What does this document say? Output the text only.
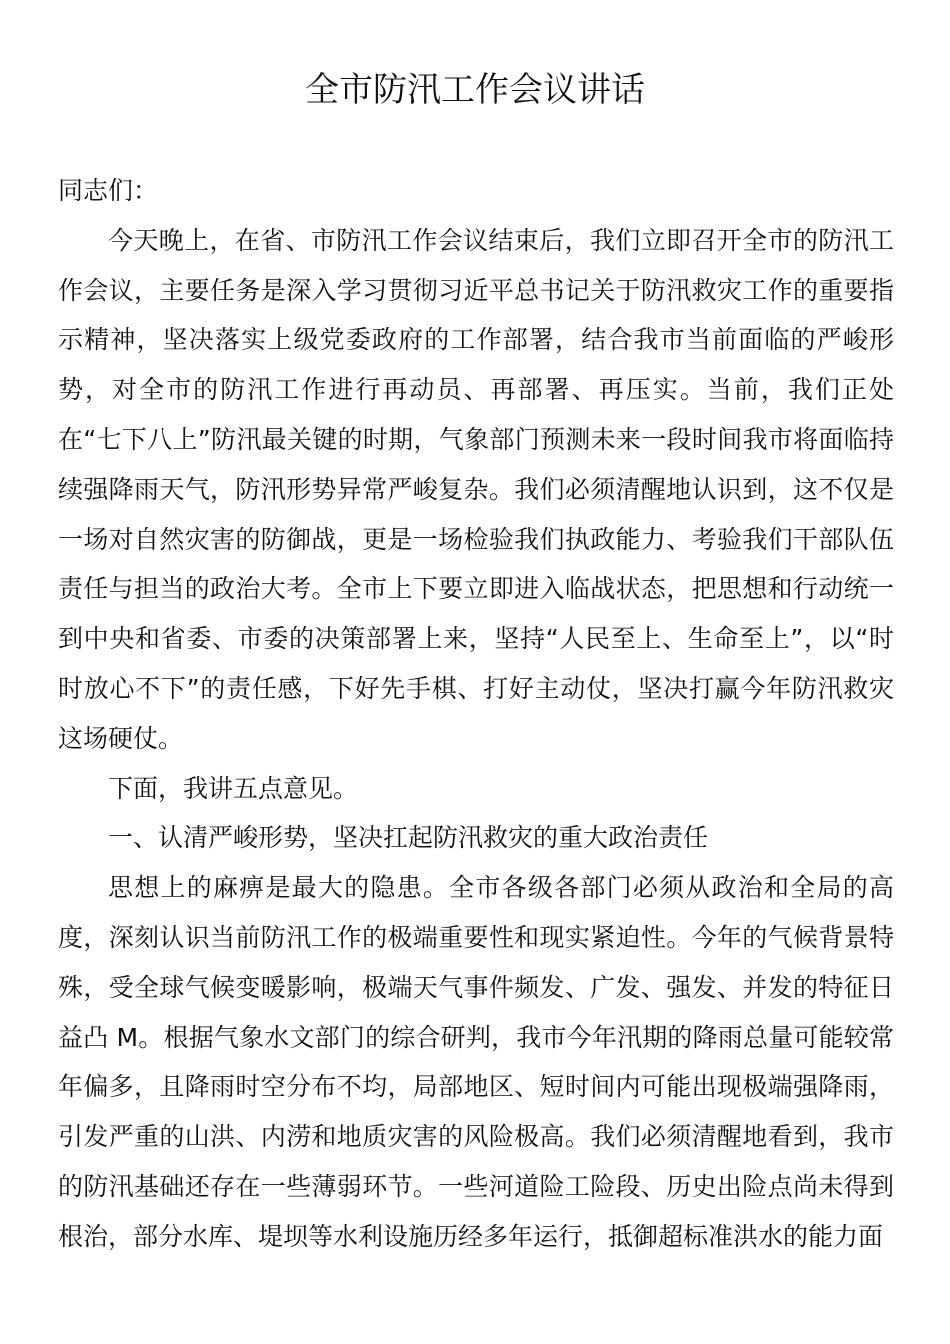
全市防汛工作会议讲话

同志们：

今天晚上，在省、市防汛工作会议结束后，我们立即召开全市的防汛工作会议，主要任务是深入学习贯彻习近平总书记关于防汛救灾工作的重要指示精神，坚决落实上级党委政府的工作部署，结合我市当前面临的严峻形势，对全市的防汛工作进行再动员、再部署、再压实。当前，我们正处在“七下八上”防汛最关键的时期，气象部门预测未来一段时间我市将面临持续强降雨天气，防汛形势异常严峻复杂。我们必须清醒地认识到，这不仅是一场对自然灾害的防御战，更是一场检验我们执政能力、考验我们干部队伍责任与担当的政治大考。全市上下要立即进入临战状态，把思想和行动统一到中央和省委、市委的决策部署上来，坚持“人民至上、生命至上”，以“时时放心不下”的责任感，下好先手棋、打好主动仗，坚决打赢今年防汛救灾这场硬仗。

下面，我讲五点意见。

一、认清严峻形势，坚决扛起防汛救灾的重大政治责任

思想上的麻痹是最大的隐患。全市各级各部门必须从政治和全局的高度，深刻认识当前防汛工作的极端重要性和现实紧迫性。今年的气候背景特殊，受全球气候变暖影响，极端天气事件频发、广发、强发、并发的特征日益凸 M。根据气象水文部门的综合研判，我市今年汛期的降雨总量可能较常年偏多，且降雨时空分布不均，局部地区、短时间内可能出现极端强降雨，引发严重的山洪、内涝和地质灾害的风险极高。我们必须清醒地看到，我市的防汛基础还存在一些薄弱环节。一些河道险工险段、历史出险点尚未得到根治，部分水库、堤坝等水利设施历经多年运行，抵御超标准洪水的能力面
